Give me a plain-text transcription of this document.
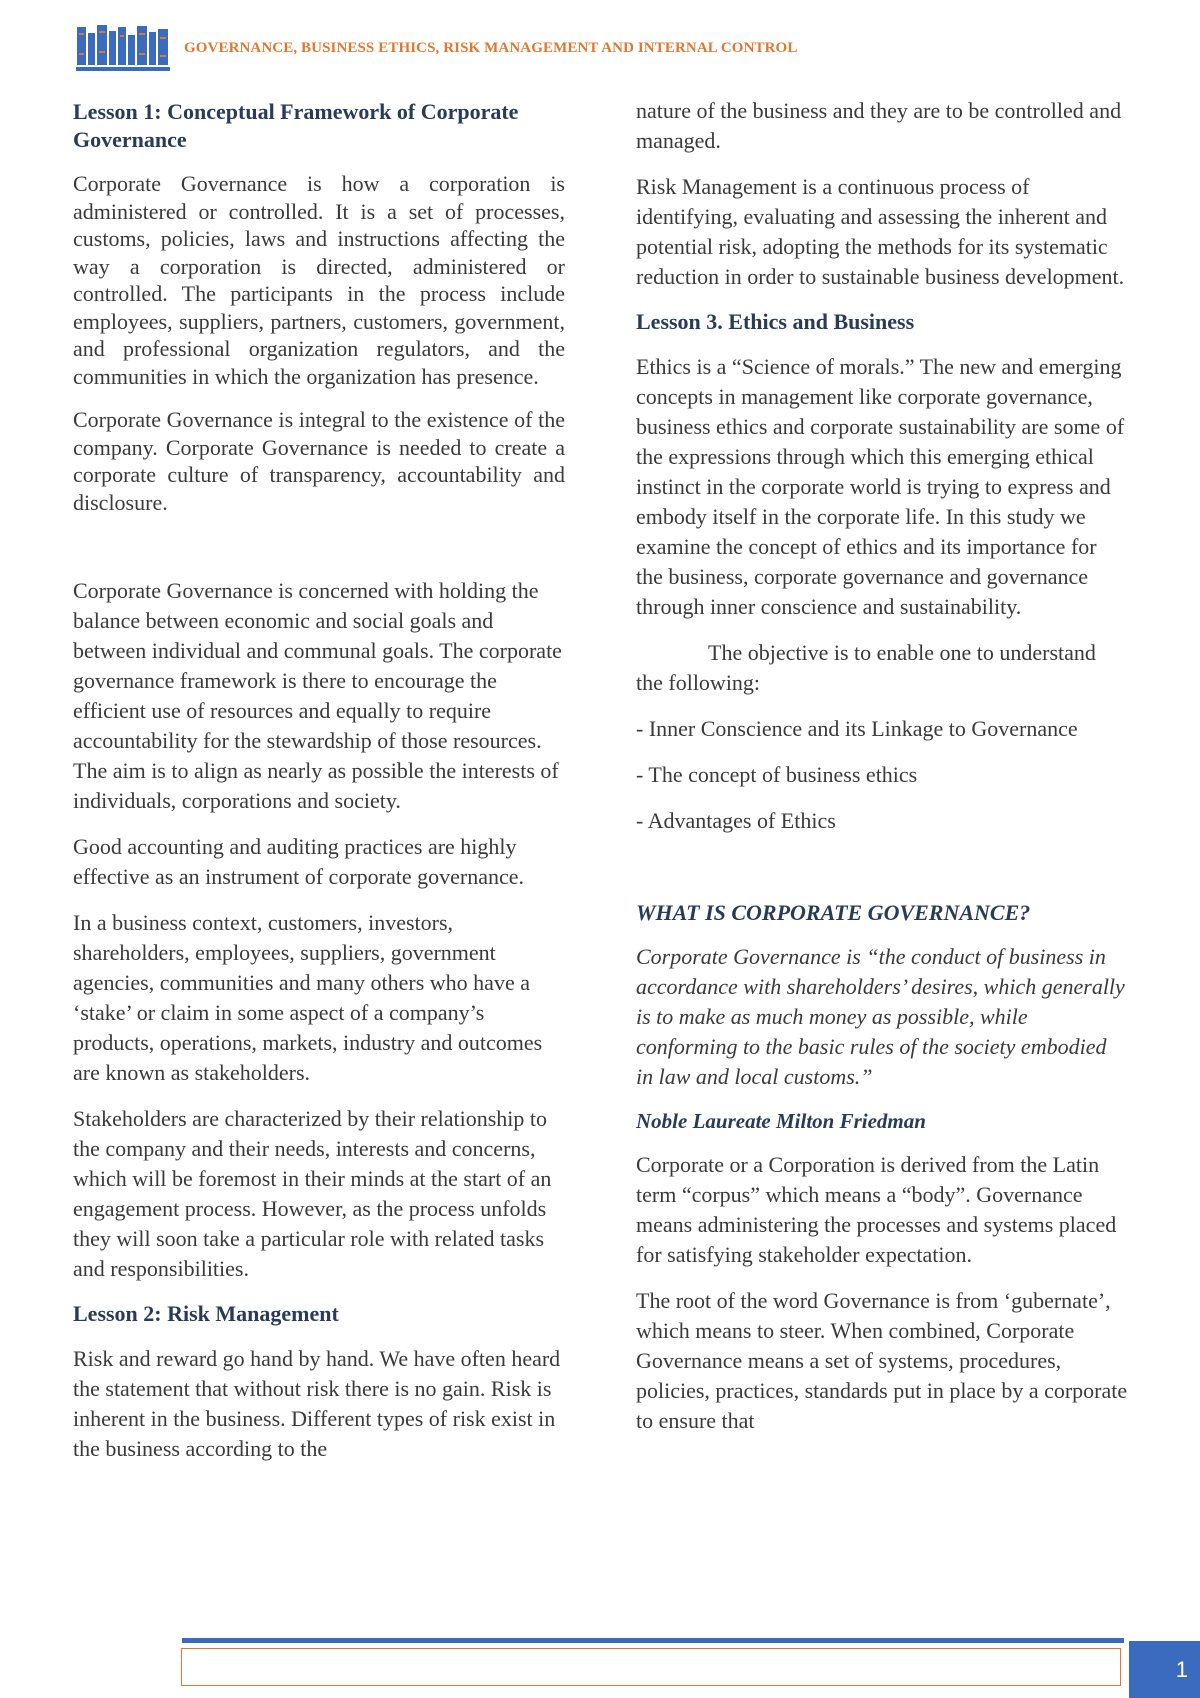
GOVERNANCE, BUSINESS ETHICS, RISK MANAGEMENT AND INTERNAL CONTROL
Lesson 1: Conceptual Framework of Corporate Governance

Corporate Governance is how a corporation is administered or controlled. It is a set of processes, customs, policies, laws and instructions affecting the way a corporation is directed, administered or controlled. The participants in the process include employees, suppliers, partners, customers, government, and professional organization regulators, and the communities in which the organization has presence.

Corporate Governance is integral to the existence of the company. Corporate Governance is needed to create a corporate culture of transparency, accountability and disclosure.

Corporate Governance is concerned with holding the balance between economic and social goals and between individual and communal goals. The corporate governance framework is there to encourage the efficient use of resources and equally to require accountability for the stewardship of those resources. The aim is to align as nearly as possible the interests of individuals, corporations and society.

Good accounting and auditing practices are highly effective as an instrument of corporate governance.

In a business context, customers, investors, shareholders, employees, suppliers, government agencies, communities and many others who have a ‘stake’ or claim in some aspect of a company’s products, operations, markets, industry and outcomes are known as stakeholders.

Stakeholders are characterized by their relationship to the company and their needs, interests and concerns, which will be foremost in their minds at the start of an engagement process. However, as the process unfolds they will soon take a particular role with related tasks and responsibilities.

Lesson 2: Risk Management

Risk and reward go hand by hand. We have often heard the statement that without risk there is no gain. Risk is inherent in the business. Different types of risk exist in the business according to the

nature of the business and they are to be controlled and managed.

Risk Management is a continuous process of identifying, evaluating and assessing the inherent and potential risk, adopting the methods for its systematic reduction in order to sustainable business development.

Lesson 3. Ethics and Business

Ethics is a “Science of morals.” The new and emerging concepts in management like corporate governance, business ethics and corporate sustainability are some of the expressions through which this emerging ethical instinct in the corporate world is trying to express and embody itself in the corporate life. In this study we examine the concept of ethics and its importance for the business, corporate governance and governance through inner conscience and sustainability.

The objective is to enable one to understand the following:

- Inner Conscience and its Linkage to Governance

- The concept of business ethics

- Advantages of Ethics

WHAT IS CORPORATE GOVERNANCE?

Corporate Governance is “the conduct of business in accordance with shareholders’ desires, which generally is to make as much money as possible, while conforming to the basic rules of the society embodied in law and local customs.”

Noble Laureate Milton Friedman

Corporate or a Corporation is derived from the Latin term “corpus” which means a “body”. Governance means administering the processes and systems placed for satisfying stakeholder expectation.

The root of the word Governance is from ‘gubernate’, which means to steer. When combined, Corporate Governance means a set of systems, procedures, policies, practices, standards put in place by a corporate to ensure that

1
